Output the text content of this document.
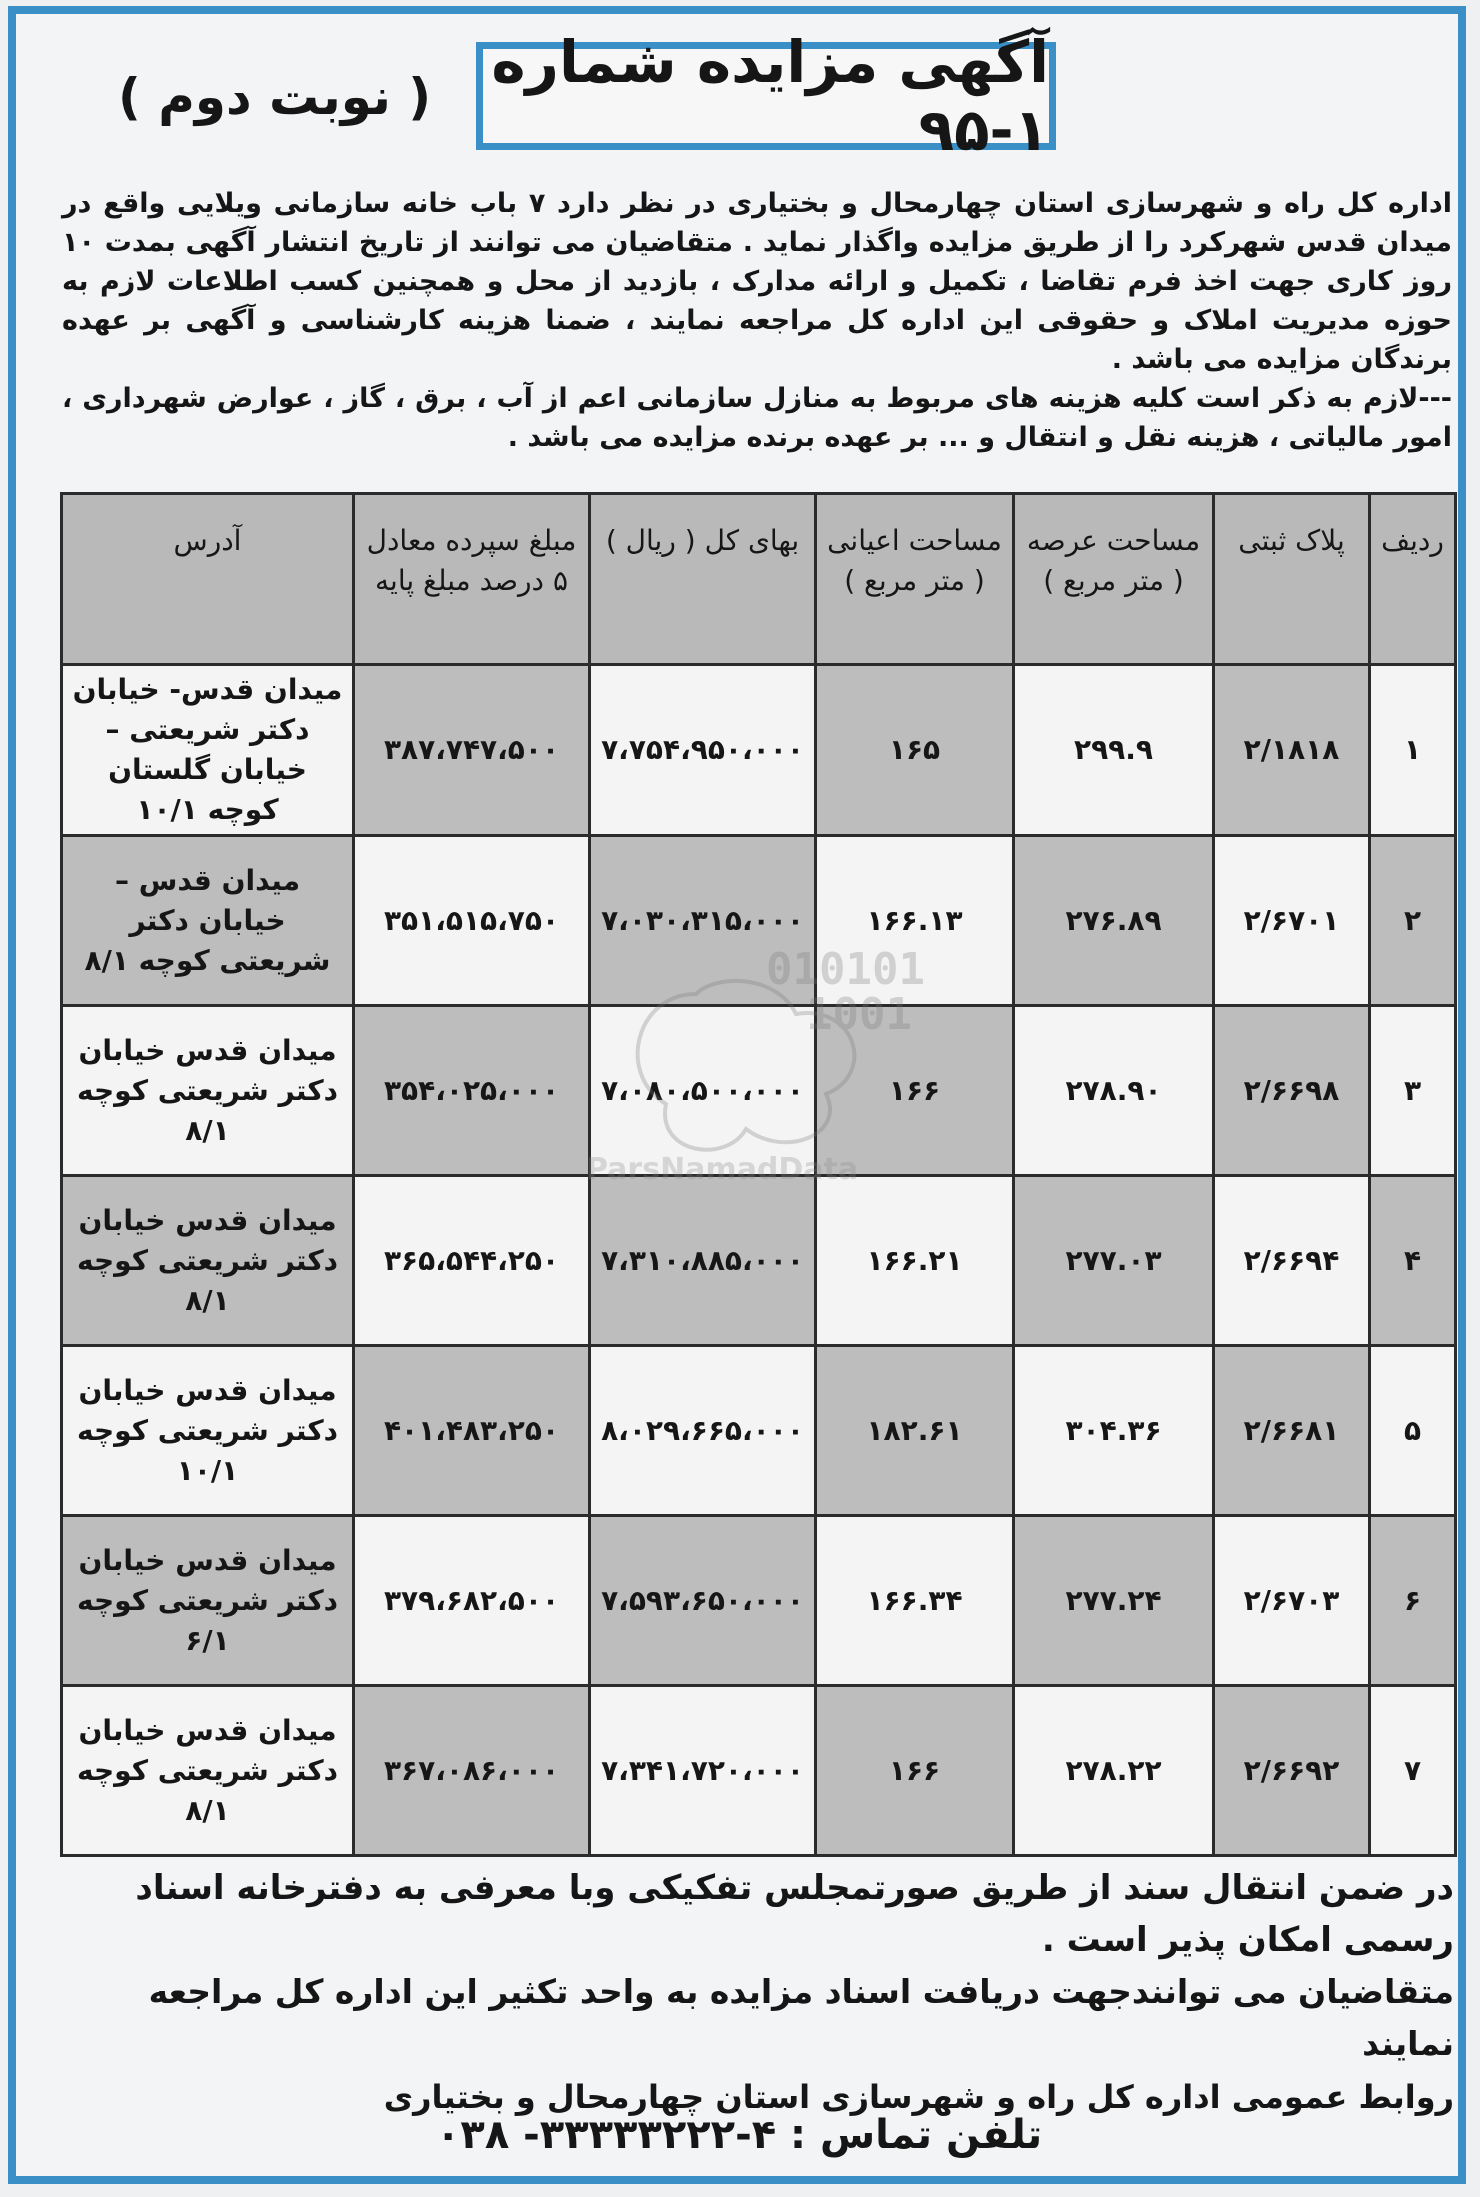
آگهی مزایده شماره ۱-۹۵
( نوبت دوم )

اداره کل راه و شهرسازی استان چهارمحال و بختیاری در نظر دارد ۷ باب خانه سازمانی ویلایی واقع در میدان قدس شهرکرد را از طریق مزایده واگذار نماید . متقاضیان می توانند از تاریخ انتشار آگهی بمدت ۱۰ روز کاری جهت اخذ فرم تقاضا ، تکمیل و ارائه مدارک ، بازدید از محل و همچنین کسب اطلاعات لازم به حوزه مدیریت املاک و حقوقی این اداره کل مراجعه نمایند ، ضمنا هزینه کارشناسی و آگهی بر عهده برندگان مزایده می باشد .

---لازم به ذکر است کلیه هزینه های مربوط به منازل سازمانی اعم از آب ، برق ، گاز ، عوارض شهرداری ، امور مالیاتی ، هزینه نقل و انتقال و ... بر عهده برنده مزایده می باشد .

ردیف	پلاک ثبتی	مساحت عرصه ( متر مربع )	مساحت اعیانی ( متر مربع )	بهای کل ( ریال )	مبلغ سپرده معادل ۵ درصد مبلغ پایه	آدرس
۱	۲/۱۸۱۸	۲۹۹.۹	۱۶۵	۷،۷۵۴،۹۵۰،۰۰۰	۳۸۷،۷۴۷،۵۰۰	میدان قدس- خیابان دکتر شریعتی – خیابان گلستان کوچه ۱۰/۱
۲	۲/۶۷۰۱	۲۷۶.۸۹	۱۶۶.۱۳	۷،۰۳۰،۳۱۵،۰۰۰	۳۵۱،۵۱۵،۷۵۰	میدان قدس – خیابان دکتر شریعتی کوچه ۸/۱
۳	۲/۶۶۹۸	۲۷۸.۹۰	۱۶۶	۷،۰۸۰،۵۰۰،۰۰۰	۳۵۴،۰۲۵،۰۰۰	میدان قدس خیابان دکتر شریعتی کوچه ۸/۱
۴	۲/۶۶۹۴	۲۷۷.۰۳	۱۶۶.۲۱	۷،۳۱۰،۸۸۵،۰۰۰	۳۶۵،۵۴۴،۲۵۰	میدان قدس خیابان دکتر شریعتی کوچه ۸/۱
۵	۲/۶۶۸۱	۳۰۴.۳۶	۱۸۲.۶۱	۸،۰۲۹،۶۶۵،۰۰۰	۴۰۱،۴۸۳،۲۵۰	میدان قدس خیابان دکتر شریعتی کوچه ۱۰/۱
۶	۲/۶۷۰۳	۲۷۷.۲۴	۱۶۶.۳۴	۷،۵۹۳،۶۵۰،۰۰۰	۳۷۹،۶۸۲،۵۰۰	میدان قدس خیابان دکتر شریعتی کوچه ۶/۱
۷	۲/۶۶۹۲	۲۷۸.۲۲	۱۶۶	۷،۳۴۱،۷۲۰،۰۰۰	۳۶۷،۰۸۶،۰۰۰	میدان قدس خیابان دکتر شریعتی کوچه ۸/۱

در ضمن انتقال سند از طریق صورتمجلس تفکیکی وبا معرفی به دفترخانه اسناد رسمی امکان پذیر است .

متقاضیان می توانندجهت دریافت اسناد مزایده به واحد تکثیر این اداره کل مراجعه نمایند

روابط عمومی اداره کل راه و شهرسازی استان چهارمحال و بختیاری

تلفن تماس : ۴-۳۳۳۳۳۲۲۲- ۰۳۸
010101
1001
ParsNamadData
